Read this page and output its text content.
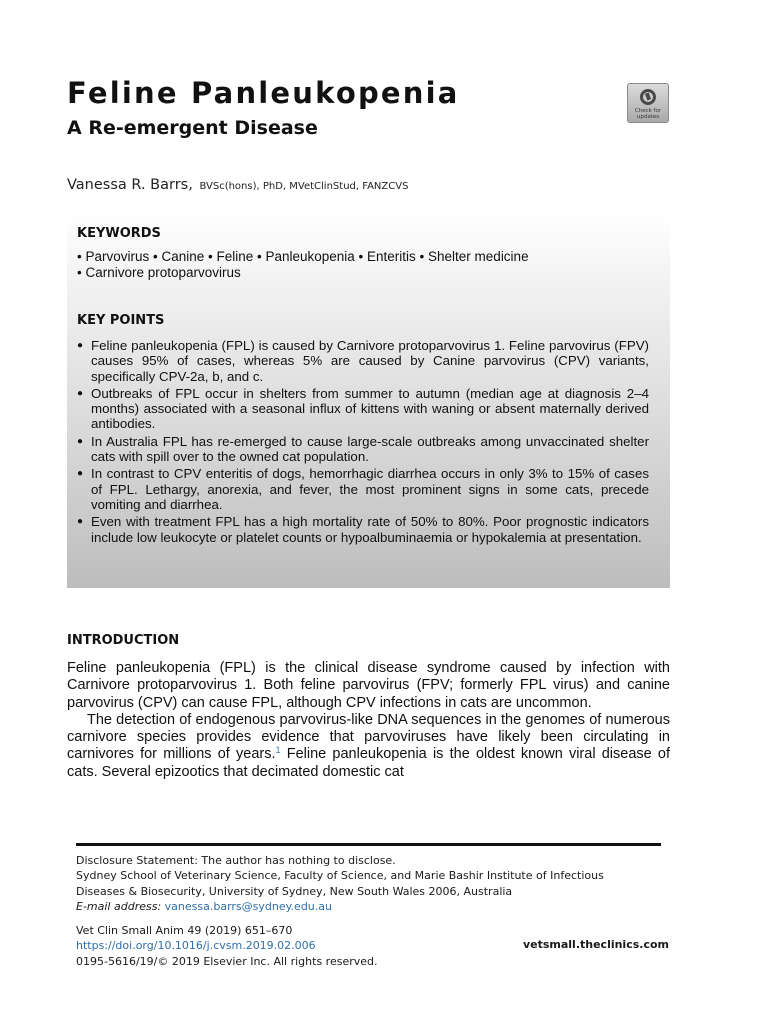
Feline Panleukopenia
A Re-emergent Disease
Check for
updates
Vanessa R. Barrs, BVSc(hons), PhD, MVetClinStud, FANZCVS
KEYWORDS
• Parvovirus • Canine • Feline • Panleukopenia • Enteritis • Shelter medicine
• Carnivore protoparvovirus
KEY POINTS
● Feline panleukopenia (FPL) is caused by Carnivore protoparvovirus 1. Feline parvovirus (FPV) causes 95% of cases, whereas 5% are caused by Canine parvovirus (CPV) variants, specifically CPV-2a, b, and c.
● Outbreaks of FPL occur in shelters from summer to autumn (median age at diagnosis 2–4 months) associated with a seasonal influx of kittens with waning or absent maternally derived antibodies.
● In Australia FPL has re-emerged to cause large-scale outbreaks among unvaccinated shelter cats with spill over to the owned cat population.
● In contrast to CPV enteritis of dogs, hemorrhagic diarrhea occurs in only 3% to 15% of cases of FPL. Lethargy, anorexia, and fever, the most prominent signs in some cats, precede vomiting and diarrhea.
● Even with treatment FPL has a high mortality rate of 50% to 80%. Poor prognostic indicators include low leukocyte or platelet counts or hypoalbuminaemia or hypokalemia at presentation.
INTRODUCTION

Feline panleukopenia (FPL) is the clinical disease syndrome caused by infection with Carnivore protoparvovirus 1. Both feline parvovirus (FPV; formerly FPL virus) and canine parvovirus (CPV) can cause FPL, although CPV infections in cats are uncommon.

The detection of endogenous parvovirus-like DNA sequences in the genomes of numerous carnivore species provides evidence that parvoviruses have likely been circulating in carnivores for millions of years.$^1$ Feline panleukopenia is the oldest known viral disease of cats. Several epizootics that decimated domestic cat

Disclosure Statement: The author has nothing to disclose.
Sydney School of Veterinary Science, Faculty of Science, and Marie Bashir Institute of Infectious
Diseases & Biosecurity, University of Sydney, New South Wales 2006, Australia
E-mail address: vanessa.barrs@sydney.edu.au
Vet Clin Small Anim 49 (2019) 651–670
https://doi.org/10.1016/j.cvsm.2019.02.006
0195-5616/19/© 2019 Elsevier Inc. All rights reserved.
vetsmall.theclinics.com
